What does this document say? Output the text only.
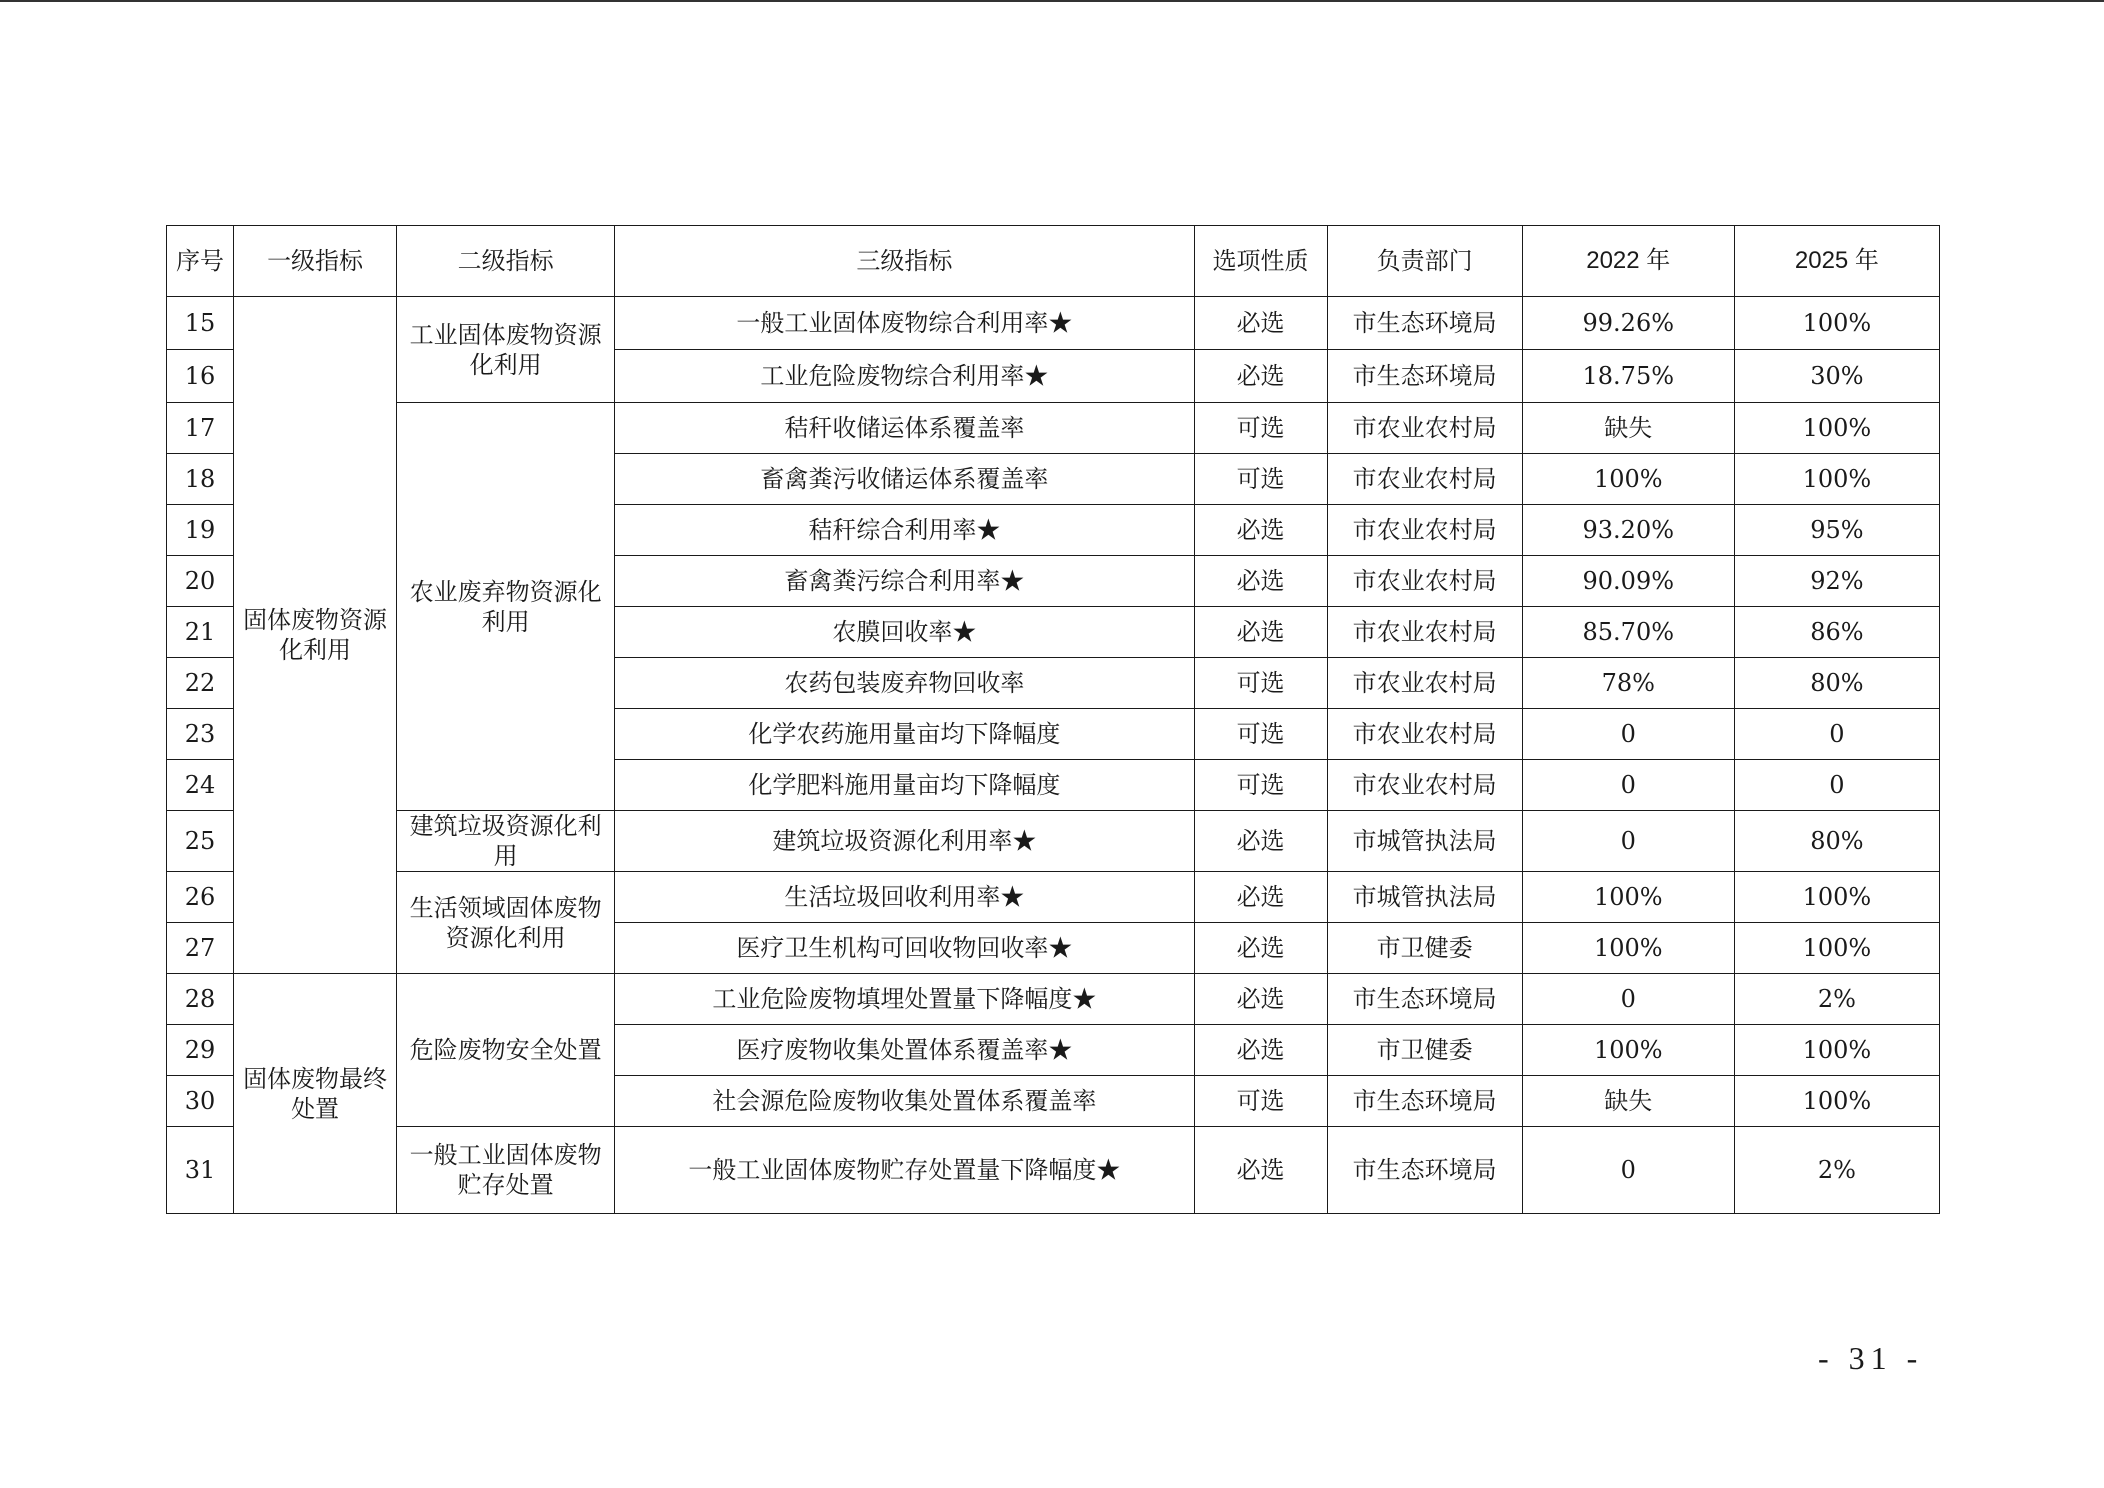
序号	一级指标	二级指标	三级指标	选项性质	负责部门	2022 年	2025 年
15	固体废物资源化利用	工业固体废物资源化利用	一般工业固体废物综合利用率★	必选	市生态环境局	99.26%	100%
16			工业危险废物综合利用率★	必选	市生态环境局	18.75%	30%
17		农业废弃物资源化利用	秸秆收储运体系覆盖率	可选	市农业农村局	缺失	100%
18			畜禽粪污收储运体系覆盖率	可选	市农业农村局	100%	100%
19			秸秆综合利用率★	必选	市农业农村局	93.20%	95%
20			畜禽粪污综合利用率★	必选	市农业农村局	90.09%	92%
21			农膜回收率★	必选	市农业农村局	85.70%	86%
22			农药包装废弃物回收率	可选	市农业农村局	78%	80%
23			化学农药施用量亩均下降幅度	可选	市农业农村局	0	0
24			化学肥料施用量亩均下降幅度	可选	市农业农村局	0	0
25		建筑垃圾资源化利用	建筑垃圾资源化利用率★	必选	市城管执法局	0	80%
26		生活领域固体废物资源化利用	生活垃圾回收利用率★	必选	市城管执法局	100%	100%
27			医疗卫生机构可回收物回收率★	必选	市卫健委	100%	100%
28	固体废物最终处置	危险废物安全处置	工业危险废物填埋处置量下降幅度★	必选	市生态环境局	0	2%
29			医疗废物收集处置体系覆盖率★	必选	市卫健委	100%	100%
30			社会源危险废物收集处置体系覆盖率	可选	市生态环境局	缺失	100%
31		一般工业固体废物贮存处置	一般工业固体废物贮存处置量下降幅度★	必选	市生态环境局	0	2%
- 31 -
